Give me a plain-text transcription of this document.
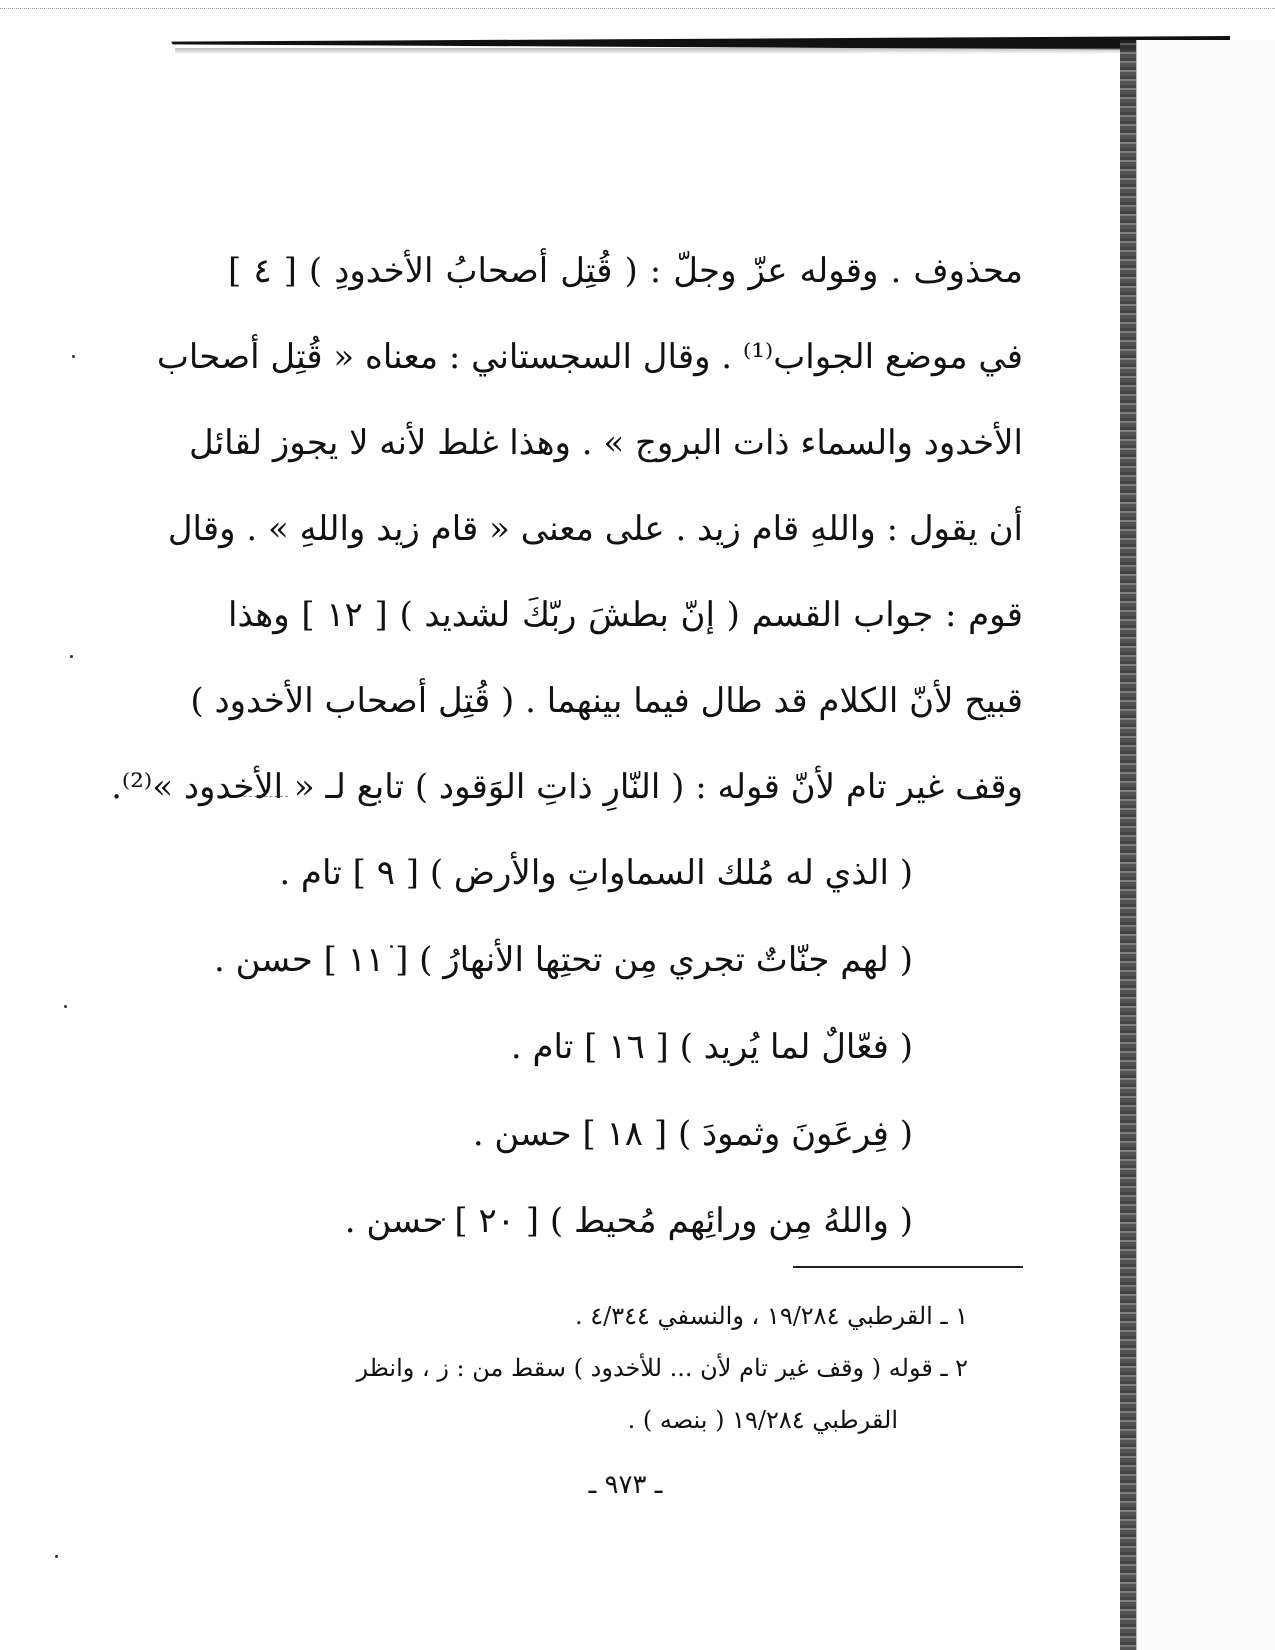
محذوف . وقوله عزّ وجلّ : ( قُتِل أصحابُ الأخدودِ ) [ ٤ ]
في موضع الجواب⁽¹⁾ . وقال السجستاني : معناه « قُتِل أصحاب
الأخدود والسماء ذات البروج » . وهذا غلط لأنه لا يجوز لقائل
أن يقول : واللهِ قام زيد . على معنى « قام زيد واللهِ » . وقال
قوم : جواب القسم ( إنّ بطشَ ربّكَ لشديد ) [ ١٢ ] وهذا
قبيح لأنّ الكلام قد طال فيما بينهما . ( قُتِل أصحاب الأخدود )
وقف غير تام لأنّ قوله : ( النّارِ ذاتِ الوَقود ) تابع لـ « الأخدود »⁽²⁾.
( الذي له مُلك السماواتِ والأرض ) [ ٩ ] تام .
( لهم جنّاتٌ تجري مِن تحتِها الأنهارُ ) [ ١١ ] حسن .
( فعّالٌ لما يُريد ) [ ١٦ ] تام .
( فِرعَونَ وثمودَ ) [ ١٨ ] حسن .
( واللهُ مِن ورائِهم مُحيط ) [ ٢٠ ] حسن .
١ ـ القرطبي ١٩/٢٨٤ ، والنسفي ٤/٣٤٤ .
٢ ـ قوله ( وقف غير تام لأن ... للأخدود ) سقط من : ز ، وانظر
القرطبي ١٩/٢٨٤ ( بنصه ) .
ـ ٩٧٣ ـ
